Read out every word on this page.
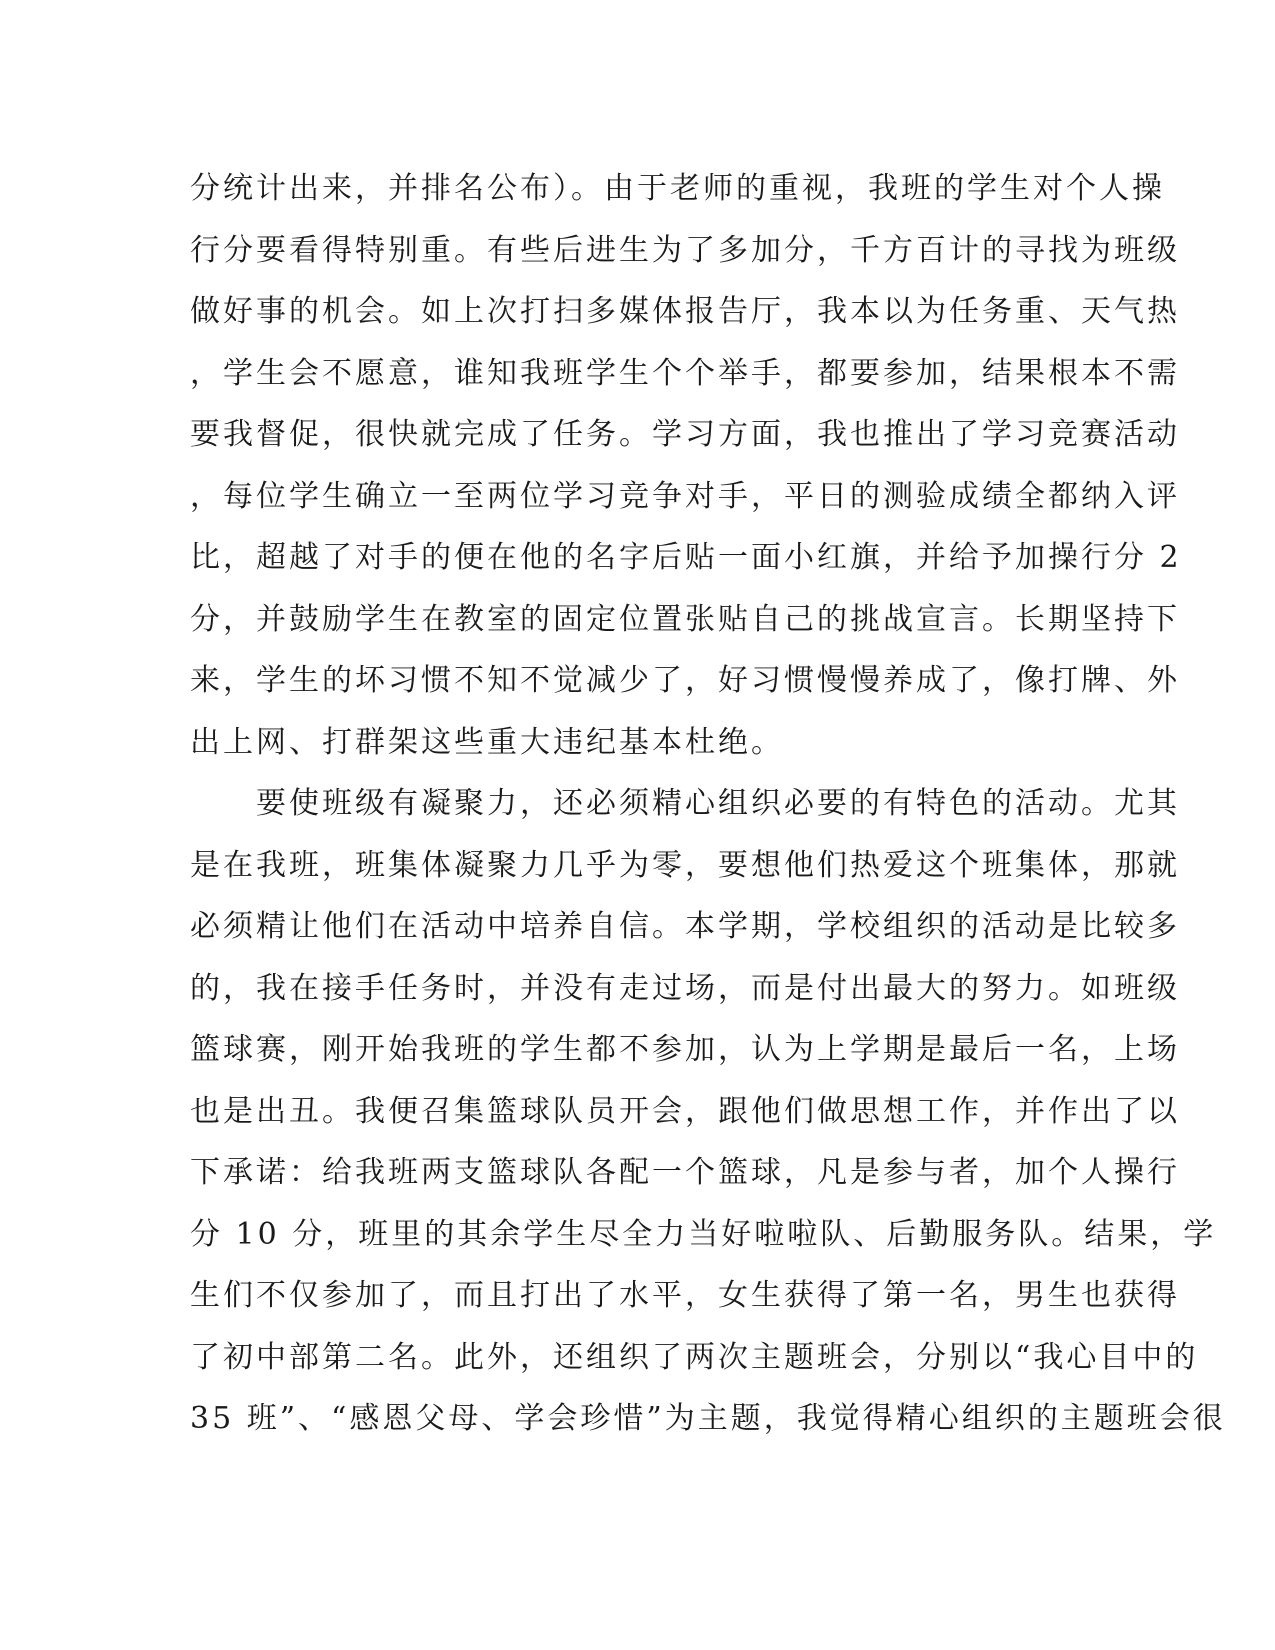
分统计出来，并排名公布）。由于老师的重视，我班的学生对个人操
行分要看得特别重。有些后进生为了多加分，千方百计的寻找为班级
做好事的机会。如上次打扫多媒体报告厅，我本以为任务重、天气热
，学生会不愿意，谁知我班学生个个举手，都要参加，结果根本不需
要我督促，很快就完成了任务。学习方面，我也推出了学习竞赛活动
，每位学生确立一至两位学习竞争对手，平日的测验成绩全都纳入评
比，超越了对手的便在他的名字后贴一面小红旗，并给予加操行分 2
分，并鼓励学生在教室的固定位置张贴自己的挑战宣言。长期坚持下
来，学生的坏习惯不知不觉减少了，好习惯慢慢养成了，像打牌、外
出上网、打群架这些重大违纪基本杜绝。
要使班级有凝聚力，还必须精心组织必要的有特色的活动。尤其
是在我班，班集体凝聚力几乎为零，要想他们热爱这个班集体，那就
必须精让他们在活动中培养自信。本学期，学校组织的活动是比较多
的，我在接手任务时，并没有走过场，而是付出最大的努力。如班级
篮球赛，刚开始我班的学生都不参加，认为上学期是最后一名，上场
也是出丑。我便召集篮球队员开会，跟他们做思想工作，并作出了以
下承诺：给我班两支篮球队各配一个篮球，凡是参与者，加个人操行
分 10 分，班里的其余学生尽全力当好啦啦队、后勤服务队。结果，学
生们不仅参加了，而且打出了水平，女生获得了第一名，男生也获得
了初中部第二名。此外，还组织了两次主题班会，分别以“我心目中的
35 班”、“感恩父母、学会珍惜”为主题，我觉得精心组织的主题班会很
